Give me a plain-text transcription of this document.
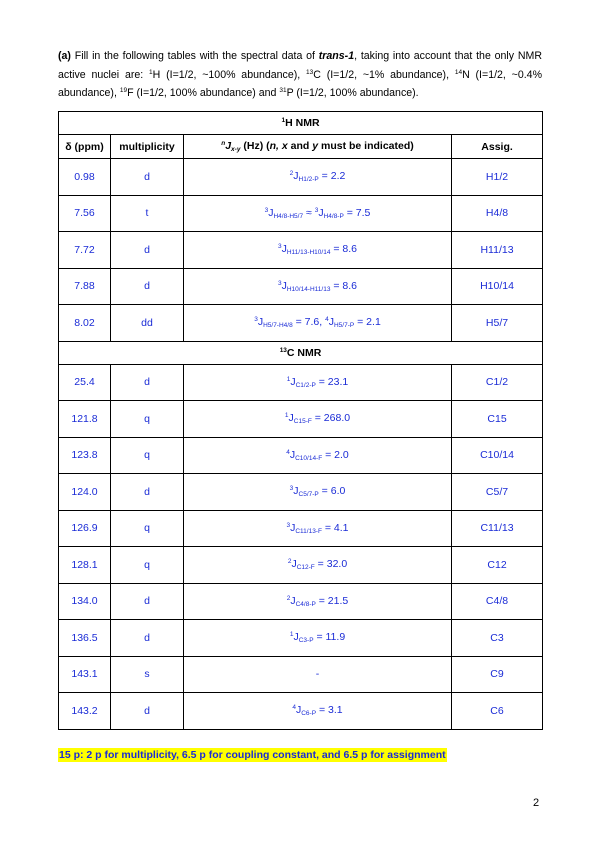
(a) Fill in the following tables with the spectral data of trans-1, taking into account that the only NMR active nuclei are: $^1$H (I=1/2, ~100% abundance), $^{13}$C (I=1/2, ~1% abundance), $^{14}$N (I=1/2, ~0.4% abundance), $^{19}$F (I=1/2, 100% abundance) and $^{31}$P (I=1/2, 100% abundance).
$^1$H NMR			
δ (ppm)	multiplicity	$^nJ_{x-y}$ (Hz) (n, x and y must be indicated)	Assig.
0.98	d	$^2J_{H1/2-P} = 2.2$	H1/2
7.56	t	$^3J_{H4/8-H5/7} \approx ^3J_{H4/8-P} = 7.5$	H4/8
7.72	d	$^3J_{H11/13-H10/14} = 8.6$	H11/13
7.88	d	$^3J_{H10/14-H11/13} = 8.6$	H10/14
8.02	dd	$^3J_{H5/7-H4/8} = 7.6$, $^4J_{H5/7-P} = 2.1$	H5/7
$^{13}$C NMR			
25.4	d	$^1J_{C1/2-P} = 23.1$	C1/2
121.8	q	$^1J_{C15-F} = 268.0$	C15
123.8	q	$^4J_{C10/14-F} = 2.0$	C10/14
124.0	d	$^3J_{C5/7-P} = 6.0$	C5/7
126.9	q	$^3J_{C11/13-F} = 4.1$	C11/13
128.1	q	$^2J_{C12-F} = 32.0$	C12
134.0	d	$^2J_{C4/8-P} = 21.5$	C4/8
136.5	d	$^1J_{C3-P} = 11.9$	C3
143.1	s	-	C9
143.2	d	$^4J_{C6-P} = 3.1$	C6
15 p: 2 p for multiplicity, 6.5 p for coupling constant, and 6.5 p for assignment
2
